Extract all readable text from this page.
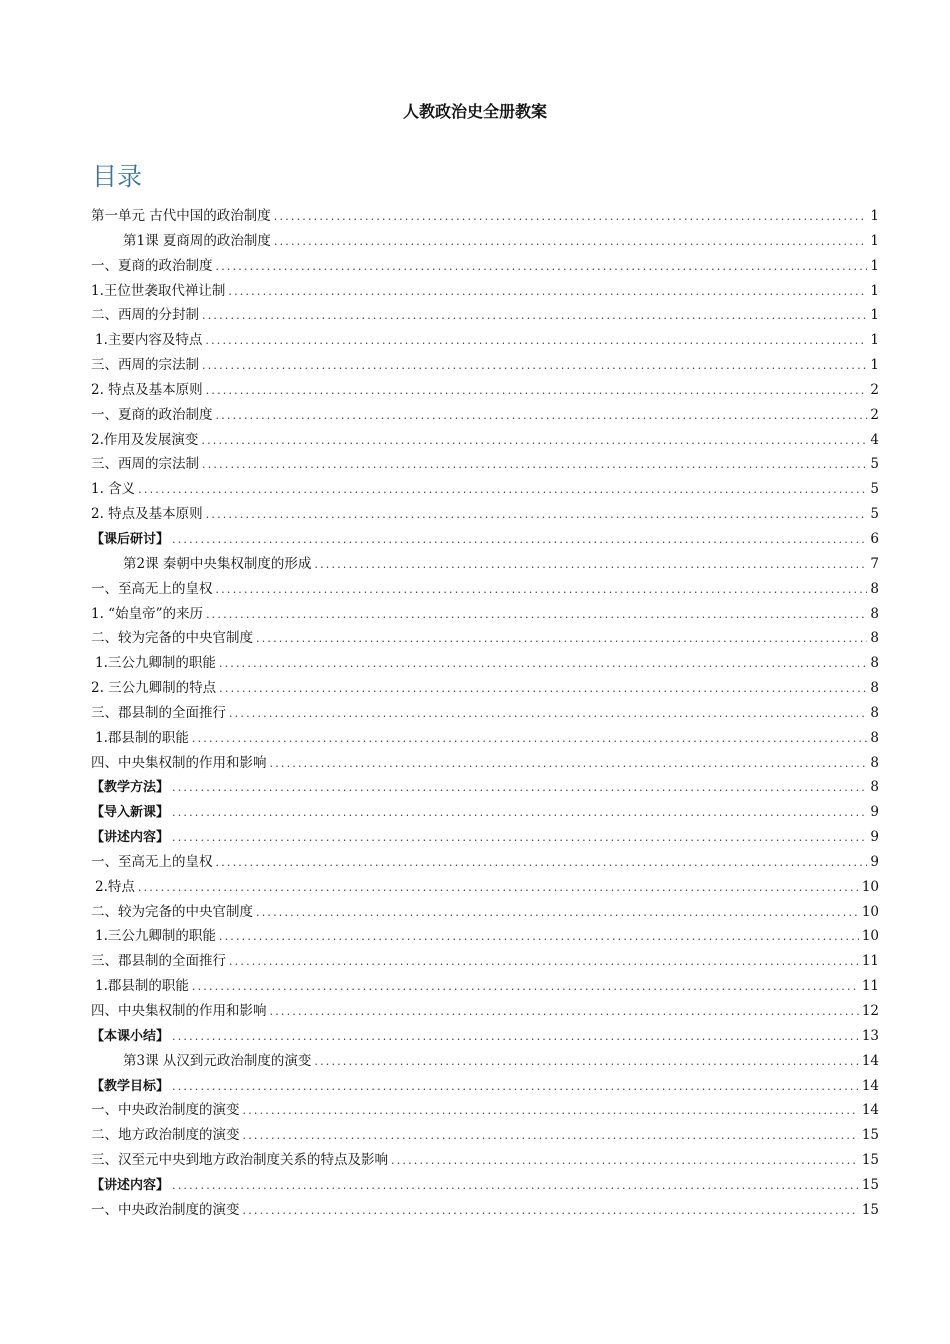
人教政治史全册教案
目录
第一单元 古代中国的政治制度 .....	1
第1课 夏商周的政治制度 .....	1
一、夏商的政治制度 .....	1
1.王位世袭取代禅让制 .....	1
二、西周的分封制 .....	1
1.主要内容及特点 .....	1
三、西周的宗法制 .....	1
2. 特点及基本原则 .....	2
一、夏商的政治制度 .....	2
2.作用及发展演变 .....	4
三、西周的宗法制 .....	5
1. 含义 .....	5
2. 特点及基本原则 .....	5
【课后研讨】 .....	6
第2课 秦朝中央集权制度的形成 .....	7
一、至高无上的皇权 .....	8
1. “始皇帝”的来历 .....	8
二、较为完备的中央官制度 .....	8
1.三公九卿制的职能 .....	8
2. 三公九卿制的特点 .....	8
三、郡县制的全面推行 .....	8
1.郡县制的职能 .....	8
四、中央集权制的作用和影响 .....	8
【教学方法】 .....	8
【导入新课】 .....	9
【讲述内容】 .....	9
一、至高无上的皇权 .....	9
2.特点 .....	10
二、较为完备的中央官制度 .....	10
1.三公九卿制的职能 .....	10
三、郡县制的全面推行 .....	11
1.郡县制的职能 .....	11
四、中央集权制的作用和影响 .....	12
【本课小结】 .....	13
第3课 从汉到元政治制度的演变 .....	14
【教学目标】 .....	14
一、中央政治制度的演变 .....	14
二、地方政治制度的演变 .....	15
三、汉至元中央到地方政治制度关系的特点及影响 .....	15
【讲述内容】 .....	15
一、中央政治制度的演变 .....	15
